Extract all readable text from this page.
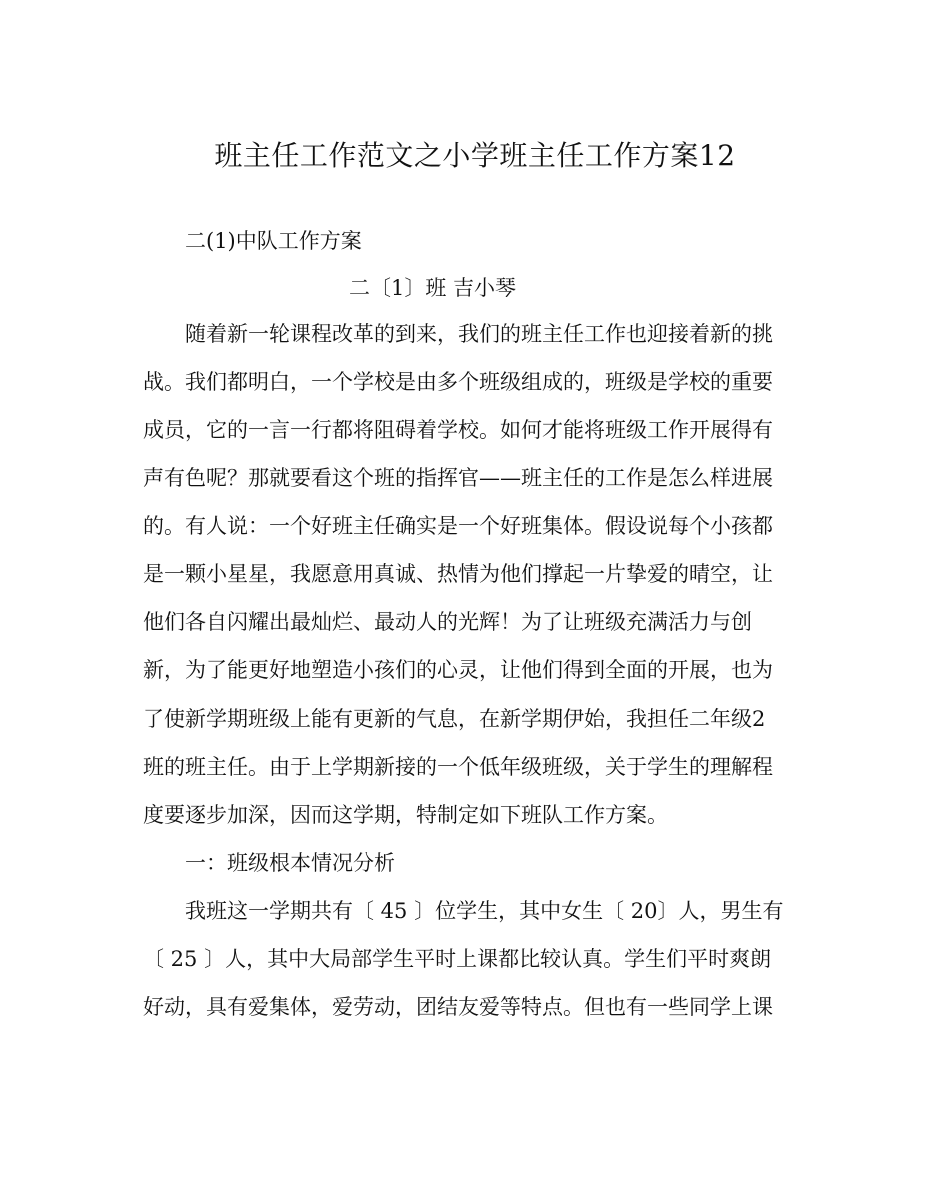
班主任工作范文之小学班主任工作方案12
二(1)中队工作方案
二〔1〕班 吉小琴
随着新一轮课程改革的到来，我们的班主任工作也迎接着新的挑
战。我们都明白，一个学校是由多个班级组成的，班级是学校的重要
成员，它的一言一行都将阻碍着学校。如何才能将班级工作开展得有
声有色呢？那就要看这个班的指挥官——班主任的工作是怎么样进展
的。有人说：一个好班主任确实是一个好班集体。假设说每个小孩都
是一颗小星星，我愿意用真诚、热情为他们撑起一片挚爱的晴空，让
他们各自闪耀出最灿烂、最动人的光辉！为了让班级充满活力与创
新，为了能更好地塑造小孩们的心灵，让他们得到全面的开展，也为
了使新学期班级上能有更新的气息，在新学期伊始，我担任二年级2
班的班主任。由于上学期新接的一个低年级班级，关于学生的理解程
度要逐步加深，因而这学期，特制定如下班队工作方案。
一：班级根本情况分析
我班这一学期共有〔 45 〕位学生，其中女生〔 20〕人，男生有
〔 25 〕人，其中大局部学生平时上课都比较认真。学生们平时爽朗
好动，具有爱集体，爱劳动，团结友爱等特点。但也有一些同学上课
